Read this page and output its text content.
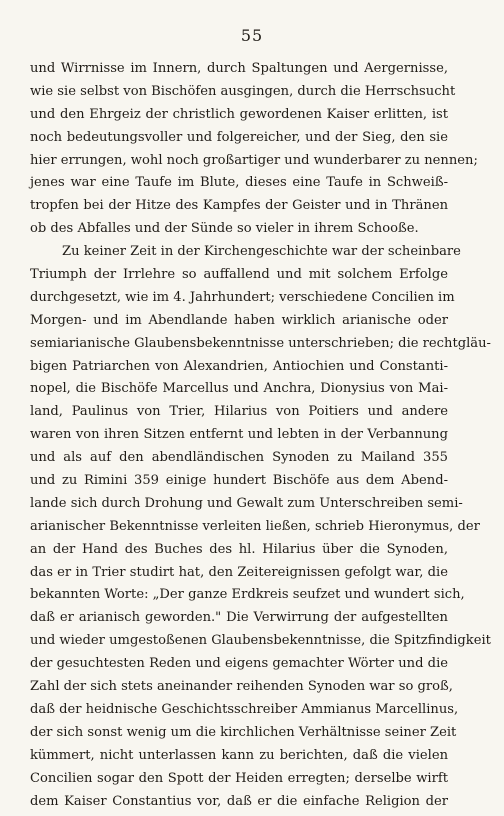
55
und Wirrnisse im Innern, durch Spaltungen und Aergernisse,
wie sie selbst von Bischöfen ausgingen, durch die Herrschsucht
und den Ehrgeiz der christlich gewordenen Kaiser erlitten, ist
noch bedeutungsvoller und folgereicher, und der Sieg, den sie
hier errungen, wohl noch großartiger und wunderbarer zu nennen;
jenes war eine Taufe im Blute, dieses eine Taufe in Schweiß-
tropfen bei der Hitze des Kampfes der Geister und in Thränen
ob des Abfalles und der Sünde so vieler in ihrem Schooße.
Zu keiner Zeit in der Kirchengeschichte war der scheinbare
Triumph der Irrlehre so auffallend und mit solchem Erfolge
durchgesetzt, wie im 4. Jahrhundert; verschiedene Concilien im
Morgen- und im Abendlande haben wirklich arianische oder
semiarianische Glaubensbekenntnisse unterschrieben; die rechtgläu-
bigen Patriarchen von Alexandrien, Antiochien und Constanti-
nopel, die Bischöfe Marcellus und Anchra, Dionysius von Mai-
land, Paulinus von Trier, Hilarius von Poitiers und andere
waren von ihren Sitzen entfernt und lebten in der Verbannung
und als auf den abendländischen Synoden zu Mailand 355
und zu Rimini 359 einige hundert Bischöfe aus dem Abend-
lande sich durch Drohung und Gewalt zum Unterschreiben semi-
arianischer Bekenntnisse verleiten ließen, schrieb Hieronymus, der
an der Hand des Buches des hl. Hilarius über die Synoden,
das er in Trier studirt hat, den Zeitereignissen gefolgt war, die
bekannten Worte: „Der ganze Erdkreis seufzet und wundert sich,
daß er arianisch geworden." Die Verwirrung der aufgestellten
und wieder umgestoßenen Glaubensbekenntnisse, die Spitzfindigkeit
der gesuchtesten Reden und eigens gemachter Wörter und die
Zahl der sich stets aneinander reihenden Synoden war so groß,
daß der heidnische Geschichtsschreiber Ammianus Marcellinus,
der sich sonst wenig um die kirchlichen Verhältnisse seiner Zeit
kümmert, nicht unterlassen kann zu berichten, daß die vielen
Concilien sogar den Spott der Heiden erregten; derselbe wirft
dem Kaiser Constantius vor, daß er die einfache Religion der
